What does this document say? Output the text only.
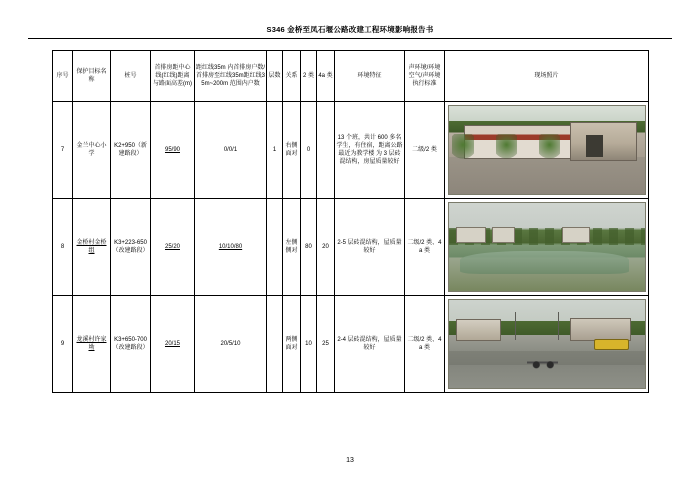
S346 金桥至凤石堰公路改建工程环境影响报告书
序号	保护目标名称	桩号	首排房距中心线(红线)距离 与路面高差(m)	距红线35m 内首排房户数/首排房至红线35m距红线35m~200m 范围内户数	层数	关系	2 类	4a 类	环境特征	声环境/环境空气/声环境执行标准	现场照片
7	金兰中心小学	K2+950（新建路段）	95/90	0/0/1	1	右侧面对	0		13 个班，共计 600 多名学生，有住宿，距离公路最近为教学楼 为 3 层砖混结构，房屋质量较好	二级/2 类	

8	金桥村金桥组	K3+223-650（改建路段）	25/20	10/10/80		左侧侧对	80	20	2-5 层砖混结构，屋质量较好	二级/2 类、4a 类	

9	龙溪村许家坳	K3+650-700（改建路段）	20/15	20/5/10		两侧面对	10	25	2-4 层砖混结构，屋质量较好	二级/2 类、4a 类	
13
